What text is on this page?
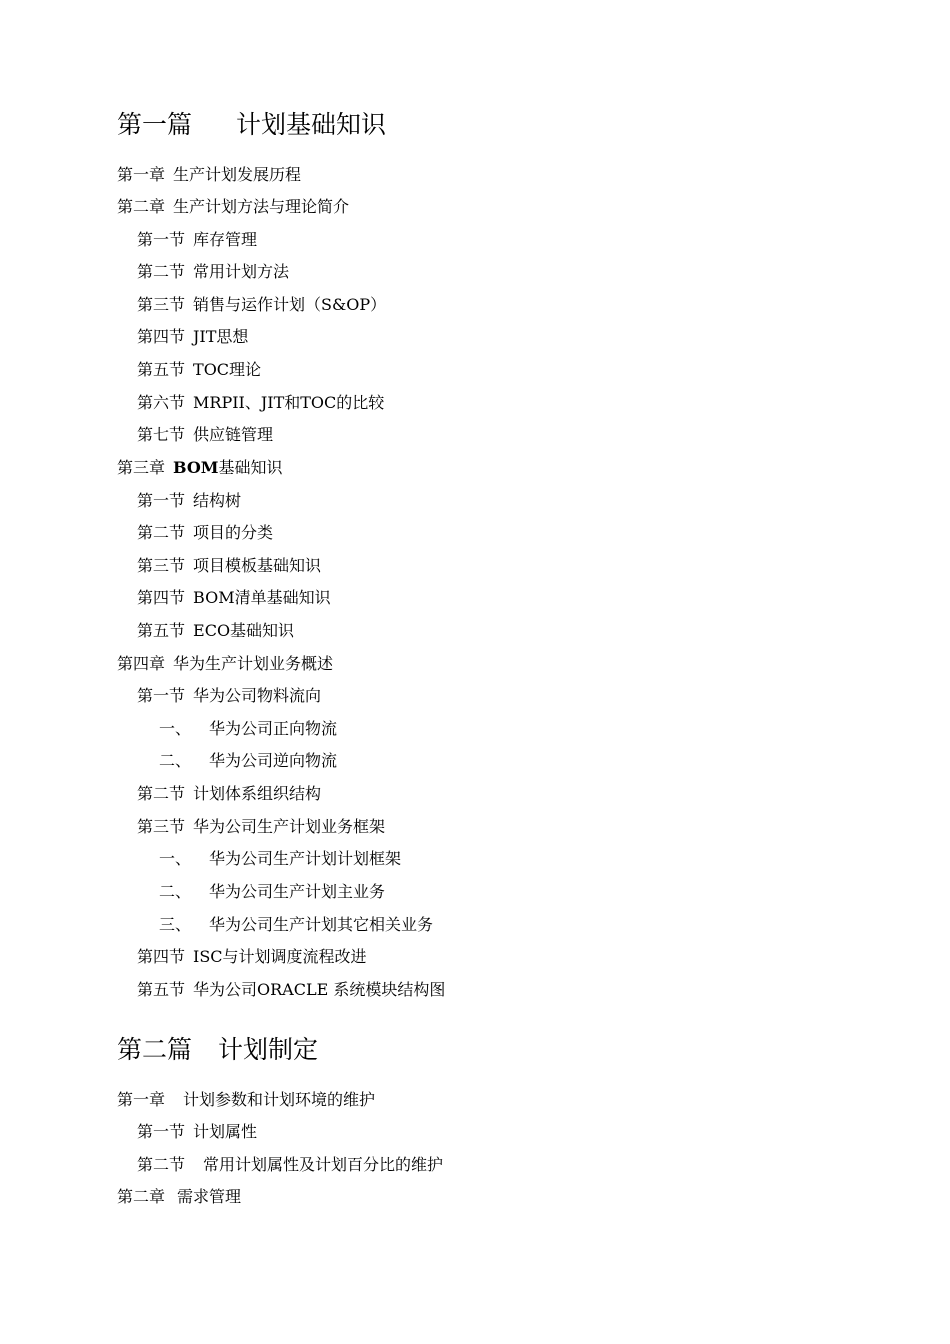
第一篇 计划基础知识
第一章 生产计划发展历程
第二章 生产计划方法与理论简介
第一节 库存管理
第二节 常用计划方法
第三节 销售与运作计划（S&OP）
第四节 JIT思想
第五节 TOC理论
第六节 MRPII、JIT和TOC的比较
第七节 供应链管理
第三章 BOM基础知识
第一节 结构树
第二节 项目的分类
第三节 项目模板基础知识
第四节 BOM清单基础知识
第五节 ECO基础知识
第四章 华为生产计划业务概述
第一节 华为公司物料流向
一、 华为公司正向物流
二、 华为公司逆向物流
第二节 计划体系组织结构
第三节 华为公司生产计划业务框架
一、 华为公司生产计划计划框架
二、 华为公司生产计划主业务
三、 华为公司生产计划其它相关业务
第四节 ISC与计划调度流程改进
第五节 华为公司ORACLE 系统模块结构图
第二篇 计划制定
第一章 计划参数和计划环境的维护
第一节 计划属性
第二节 常用计划属性及计划百分比的维护
第二章 需求管理
